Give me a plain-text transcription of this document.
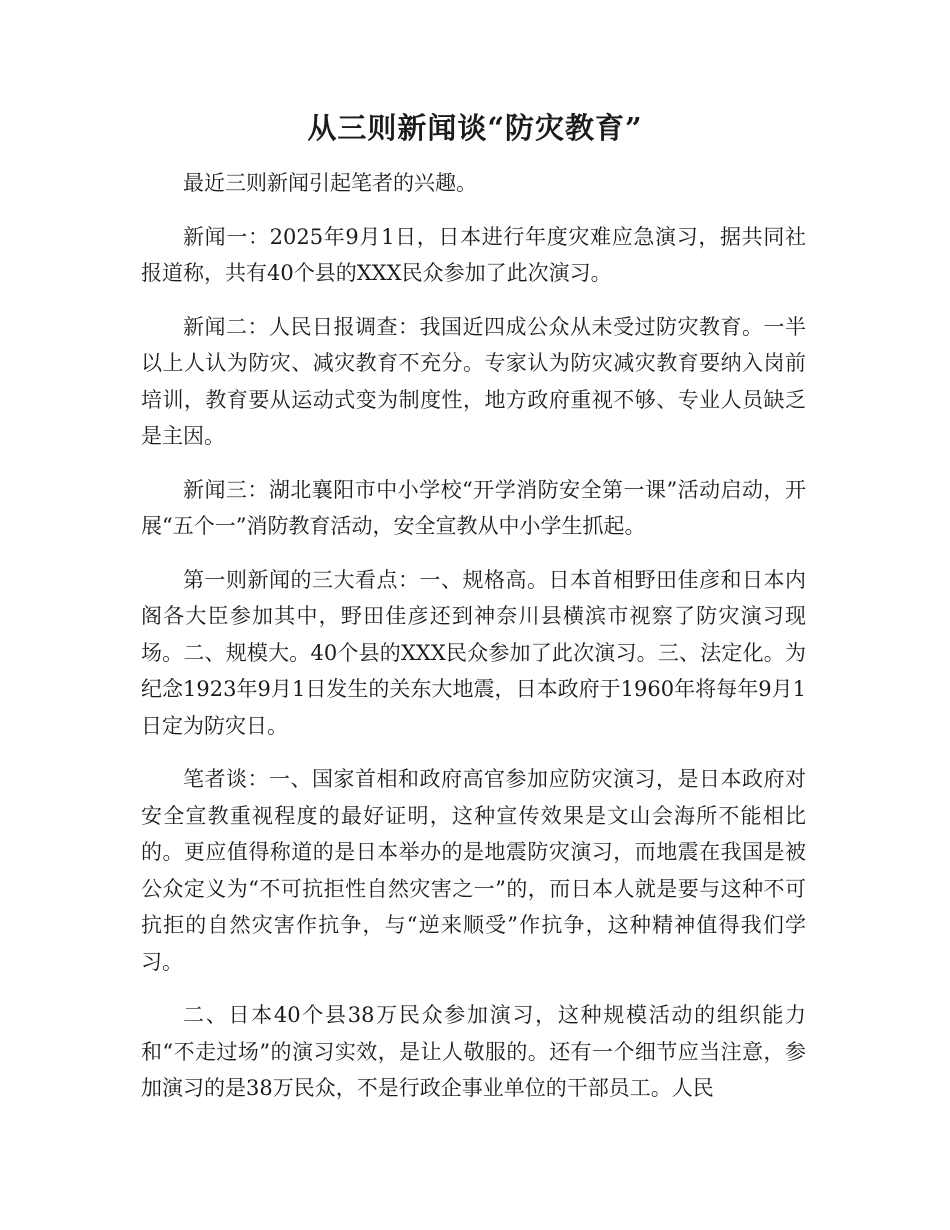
从三则新闻谈“防灾教育”

最近三则新闻引起笔者的兴趣。

新闻一：2025年9月1日，日本进行年度灾难应急演习，据共同社报道称，共有40个县的XXX民众参加了此次演习。

新闻二：人民日报调查：我国近四成公众从未受过防灾教育。一半以上人认为防灾、减灾教育不充分。专家认为防灾减灾教育要纳入岗前培训，教育要从运动式变为制度性，地方政府重视不够、专业人员缺乏是主因。

新闻三：湖北襄阳市中小学校“开学消防安全第一课”活动启动，开展“五个一”消防教育活动，安全宣教从中小学生抓起。

第一则新闻的三大看点：一、规格高。日本首相野田佳彦和日本内阁各大臣参加其中，野田佳彦还到神奈川县横滨市视察了防灾演习现场。二、规模大。40个县的XXX民众参加了此次演习。三、法定化。为纪念1923年9月1日发生的关东大地震，日本政府于1960年将每年9月1日定为防灾日。

笔者谈：一、国家首相和政府高官参加应防灾演习，是日本政府对安全宣教重视程度的最好证明，这种宣传效果是文山会海所不能相比的。更应值得称道的是日本举办的是地震防灾演习，而地震在我国是被公众定义为“不可抗拒性自然灾害之一”的，而日本人就是要与这种不可抗拒的自然灾害作抗争，与“逆来顺受”作抗争，这种精神值得我们学习。

二、日本40个县38万民众参加演习，这种规模活动的组织能力和“不走过场”的演习实效，是让人敬服的。还有一个细节应当注意，参加演习的是38万民众，不是行政企事业单位的干部员工。人民
